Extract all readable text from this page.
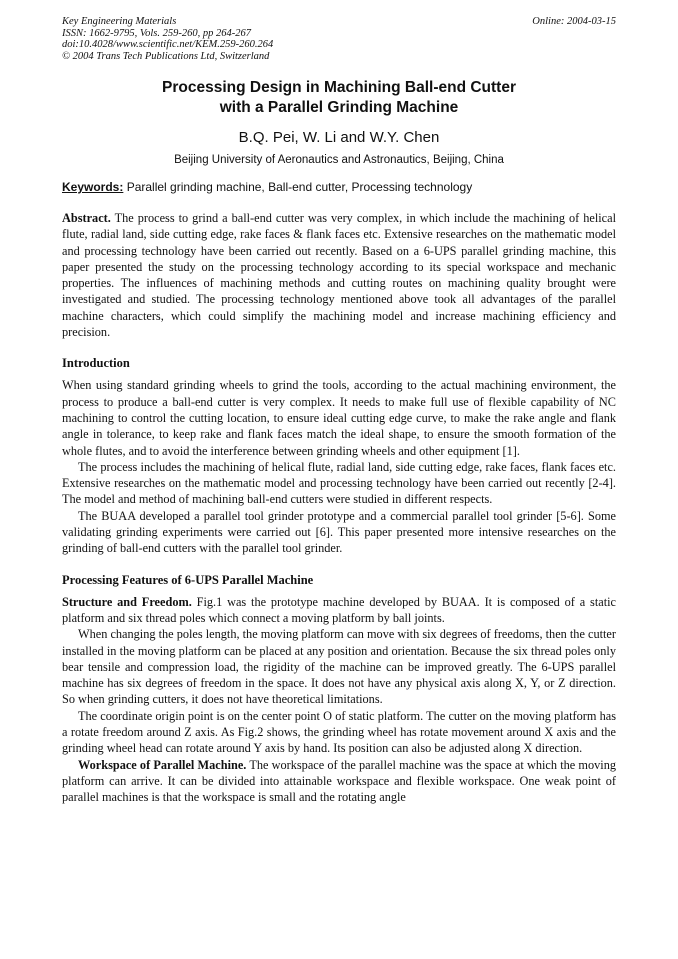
Key Engineering Materials	Online: 2004-03-15
ISSN: 1662-9795, Vols. 259-260, pp 264-267
doi:10.4028/www.scientific.net/KEM.259-260.264
© 2004 Trans Tech Publications Ltd, Switzerland
Processing Design in Machining Ball-end Cutter
with a Parallel Grinding Machine
B.Q. Pei, W. Li and W.Y. Chen
Beijing University of Aeronautics and Astronautics, Beijing, China
Keywords: Parallel grinding machine, Ball-end cutter, Processing technology
Abstract. The process to grind a ball-end cutter was very complex, in which include the machining of helical flute, radial land, side cutting edge, rake faces & flank faces etc. Extensive researches on the mathematic model and processing technology have been carried out recently. Based on a 6-UPS parallel grinding machine, this paper presented the study on the processing technology according to its special workspace and mechanic properties. The influences of machining methods and cutting routes on machining quality brought were investigated and studied. The processing technology mentioned above took all advantages of the parallel machine characters, which could simplify the machining model and increase machining efficiency and precision.
Introduction
When using standard grinding wheels to grind the tools, according to the actual machining environment, the process to produce a ball-end cutter is very complex. It needs to make full use of flexible capability of NC machining to control the cutting location, to ensure ideal cutting edge curve, to make the rake angle and flank angle in tolerance, to keep rake and flank faces match the ideal shape, to ensure the smooth formation of the whole flutes, and to avoid the interference between grinding wheels and other equipment [1].
The process includes the machining of helical flute, radial land, side cutting edge, rake faces, flank faces etc. Extensive researches on the mathematic model and processing technology have been carried out recently [2-4]. The model and method of machining ball-end cutters were studied in different respects.
The BUAA developed a parallel tool grinder prototype and a commercial parallel tool grinder [5-6]. Some validating grinding experiments were carried out [6]. This paper presented more intensive researches on the grinding of ball-end cutters with the parallel tool grinder.
Processing Features of 6-UPS Parallel Machine
Structure and Freedom. Fig.1 was the prototype machine developed by BUAA. It is composed of a static platform and six thread poles which connect a moving platform by ball joints.
When changing the poles length, the moving platform can move with six degrees of freedoms, then the cutter installed in the moving platform can be placed at any position and orientation. Because the six thread poles only bear tensile and compression load, the rigidity of the machine can be improved greatly. The 6-UPS parallel machine has six degrees of freedom in the space. It does not have any physical axis along X, Y, or Z direction. So when grinding cutters, it does not have theoretical limitations.
The coordinate origin point is on the center point O of static platform. The cutter on the moving platform has a rotate freedom around Z axis. As Fig.2 shows, the grinding wheel has rotate movement around X axis and the grinding wheel head can rotate around Y axis by hand. Its position can also be adjusted along X direction.
Workspace of Parallel Machine. The workspace of the parallel machine was the space at which the moving platform can arrive. It can be divided into attainable workspace and flexible workspace. One weak point of parallel machines is that the workspace is small and the rotating angle
